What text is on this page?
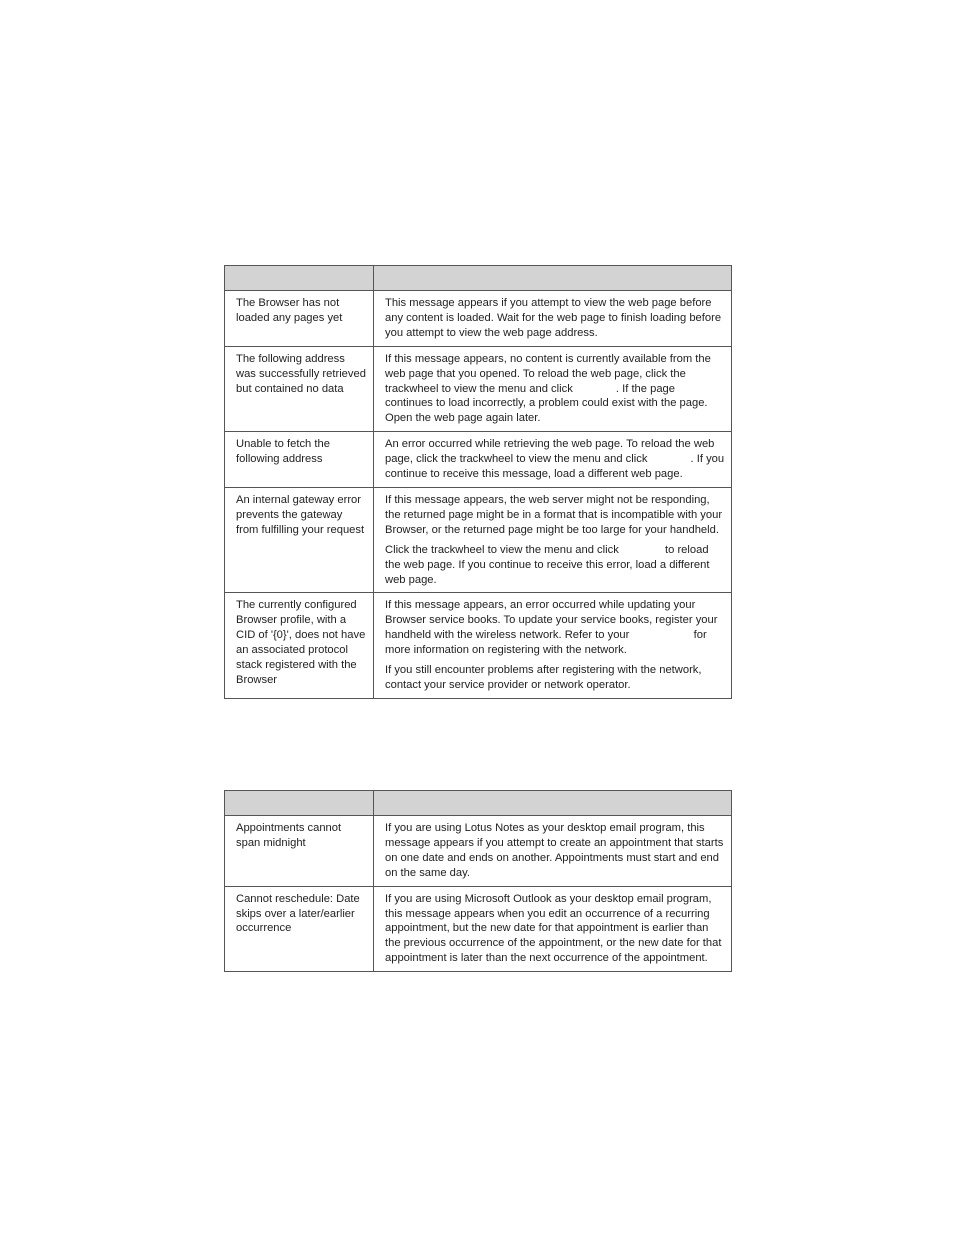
The Browser has not loaded any pages yet	This message appears if you attempt to view the web page before any content is loaded. Wait for the web page to finish loading before you attempt to view the web page address.
The following address was successfully retrieved but contained no data	If this message appears, no content is currently available from the web page that you opened. To reload the web page, click the trackwheel to view the menu and click . If the page continues to load incorrectly, a problem could exist with the page. Open the web page again later.
Unable to fetch the following address	An error occurred while retrieving the web page. To reload the web page, click the trackwheel to view the menu and click . If you continue to receive this message, load a different web page.
An internal gateway error prevents the gateway from fulfilling your request	If this message appears, the web server might not be responding, the returned page might be in a format that is incompatible with your Browser, or the returned page might be too large for your handheld.

Click the trackwheel to view the menu and click to reload the web page. If you continue to receive this error, load a different web page.

The currently configured Browser profile, with a CID of '{0}', does not have an associated protocol stack registered with the Browser	If this message appears, an error occurred while updating your Browser service books. To update your service books, register your handheld with the wireless network. Refer to your for more information on registering with the network.

If you still encounter problems after registering with the network, contact your service provider or network operator.

Appointments cannot span midnight	If you are using Lotus Notes as your desktop email program, this message appears if you attempt to create an appointment that starts on one date and ends on another. Appointments must start and end on the same day.
Cannot reschedule: Date skips over a later/earlier occurrence	If you are using Microsoft Outlook as your desktop email program, this message appears when you edit an occurrence of a recurring appointment, but the new date for that appointment is earlier than the previous occurrence of the appointment, or the new date for that appointment is later than the next occurrence of the appointment.
